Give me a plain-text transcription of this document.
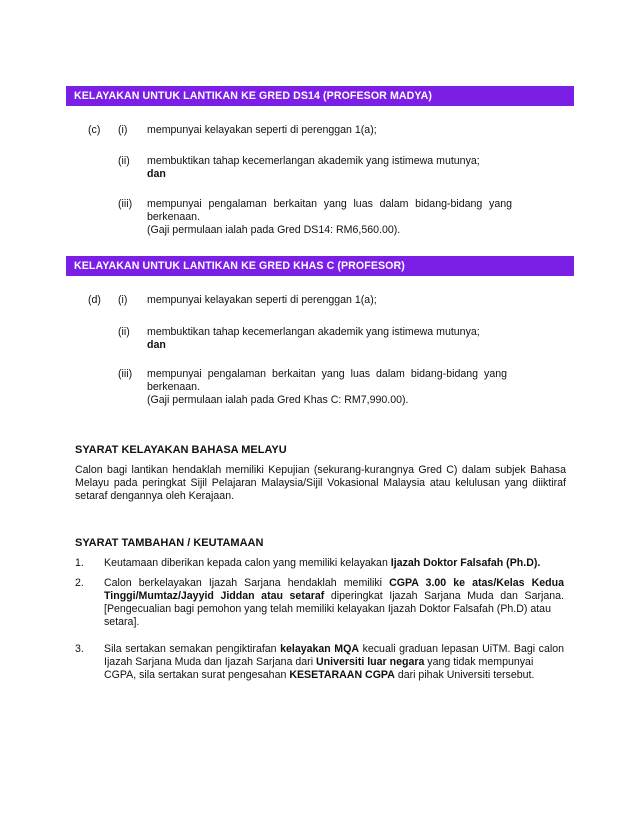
KELAYAKAN UNTUK LANTIKAN KE GRED DS14 (PROFESOR MADYA)
(c) (i) mempunyai kelayakan seperti di perenggan 1(a);
(ii) membuktikan tahap kecemerlangan akademik yang istimewa mutunya;
dan
(iii) mempunyai pengalaman berkaitan yang luas dalam bidang-bidang yang
berkenaan.
(Gaji permulaan ialah pada Gred DS14: RM6,560.00).
KELAYAKAN UNTUK LANTIKAN KE GRED KHAS C (PROFESOR)
(d) (i) mempunyai kelayakan seperti di perenggan 1(a);
(ii) membuktikan tahap kecemerlangan akademik yang istimewa mutunya;
dan
(iii) mempunyai pengalaman berkaitan yang luas dalam bidang-bidang yang
berkenaan.
(Gaji permulaan ialah pada Gred Khas C: RM7,990.00).
SYARAT KELAYAKAN BAHASA MELAYU
Calon bagi lantikan hendaklah memiliki Kepujian (sekurang-kurangnya Gred C) dalam subjek Bahasa
Melayu pada peringkat Sijil Pelajaran Malaysia/Sijil Vokasional Malaysia atau kelulusan yang diiktiraf
setaraf dengannya oleh Kerajaan.
SYARAT TAMBAHAN / KEUTAMAAN
1. Keutamaan diberikan kepada calon yang memiliki kelayakan Ijazah Doktor Falsafah (Ph.D).
2. Calon berkelayakan Ijazah Sarjana hendaklah memiliki CGPA 3.00 ke atas/Kelas Kedua
Tinggi/Mumtaz/Jayyid Jiddan atau setaraf diperingkat Ijazah Sarjana Muda dan Sarjana.
[Pengecualian bagi pemohon yang telah memiliki kelayakan Ijazah Doktor Falsafah (Ph.D) atau
setara].
3. Sila sertakan semakan pengiktirafan kelayakan MQA kecuali graduan lepasan UiTM. Bagi calon
Ijazah Sarjana Muda dan Ijazah Sarjana dari Universiti luar negara yang tidak mempunyai
CGPA, sila sertakan surat pengesahan KESETARAAN CGPA dari pihak Universiti tersebut.
